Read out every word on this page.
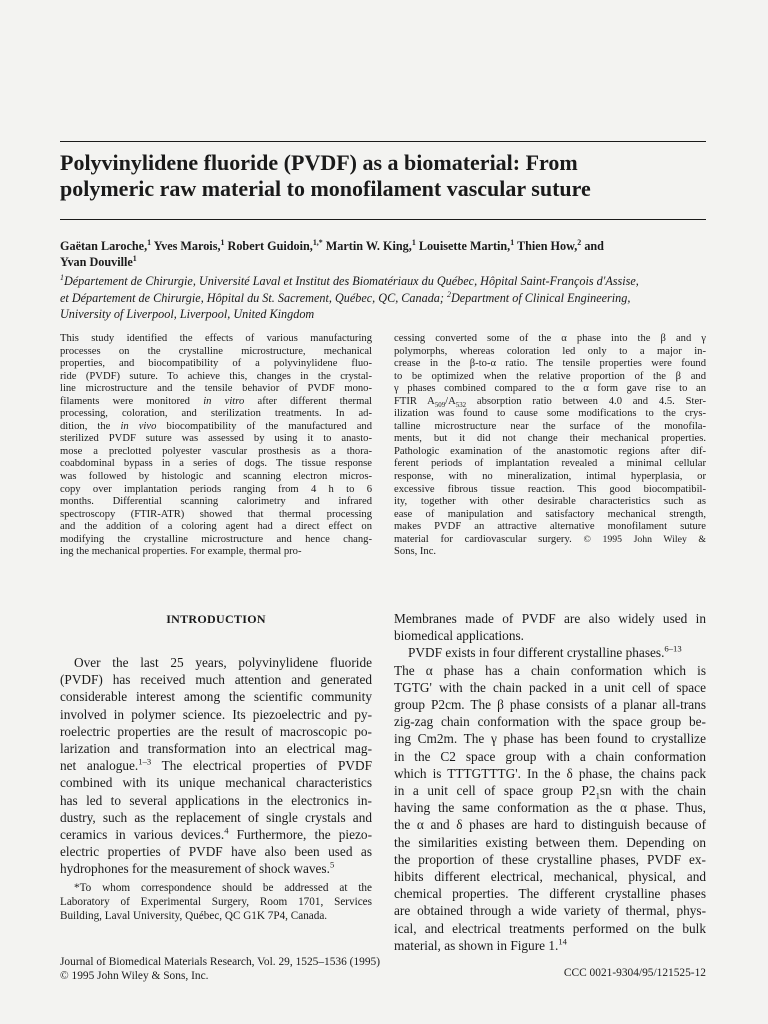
Polyvinylidene fluoride (PVDF) as a biomaterial: From
polymeric raw material to monofilament vascular suture
Gaëtan Laroche,$^1$ Yves Marois,$^1$ Robert Guidoin,$^{1,*}$ Martin W. King,$^1$ Louisette Martin,$^1$ Thien How,$^2$ and
Yvan Douville$^1$
$^1$Département de Chirurgie, Université Laval et Institut des Biomatériaux du Québec, Hôpital Saint-François d'Assise,
et Département de Chirurgie, Hôpital du St. Sacrement, Québec, QC, Canada; $^2$Department of Clinical Engineering,
University of Liverpool, Liverpool, United Kingdom
This study identified the effects of various manufacturing
processes on the crystalline microstructure, mechanical
properties, and biocompatibility of a polyvinylidene fluo-
ride (PVDF) suture. To achieve this, changes in the crystal-
line microstructure and the tensile behavior of PVDF mono-
filaments were monitored in vitro after different thermal
processing, coloration, and sterilization treatments. In ad-
dition, the in vivo biocompatibility of the manufactured and
sterilized PVDF suture was assessed by using it to anasto-
mose a preclotted polyester vascular prosthesis as a thora-
coabdominal bypass in a series of dogs. The tissue response
was followed by histologic and scanning electron micros-
copy over implantation periods ranging from 4 h to 6
months. Differential scanning calorimetry and infrared
spectroscopy (FTIR-ATR) showed that thermal processing
and the addition of a coloring agent had a direct effect on
modifying the crystalline microstructure and hence chang-
ing the mechanical properties. For example, thermal pro-
cessing converted some of the α phase into the β and γ
polymorphs, whereas coloration led only to a major in-
crease in the β-to-α ratio. The tensile properties were found
to be optimized when the relative proportion of the β and
γ phases combined compared to the α form gave rise to an
FTIR $A_{509}/A_{532}$ absorption ratio between 4.0 and 4.5. Ster-
ilization was found to cause some modifications to the crys-
talline microstructure near the surface of the monofila-
ments, but it did not change their mechanical properties.
Pathologic examination of the anastomotic regions after dif-
ferent periods of implantation revealed a minimal cellular
response, with no mineralization, intimal hyperplasia, or
excessive fibrous tissue reaction. This good biocompatibil-
ity, together with other desirable characteristics such as
ease of manipulation and satisfactory mechanical strength,
makes PVDF an attractive alternative monofilament suture
material for cardiovascular surgery. © 1995 John Wiley &
Sons, Inc.
INTRODUCTION
Over the last 25 years, polyvinylidene fluoride
(PVDF) has received much attention and generated
considerable interest among the scientific community
involved in polymer science. Its piezoelectric and py-
roelectric properties are the result of macroscopic po-
larization and transformation into an electrical mag-
net analogue.$^{1-3}$ The electrical properties of PVDF
combined with its unique mechanical characteristics
has led to several applications in the electronics in-
dustry, such as the replacement of single crystals and
ceramics in various devices.$^4$ Furthermore, the piezo-
electric properties of PVDF have also been used as
hydrophones for the measurement of shock waves.$^5$
Membranes made of PVDF are also widely used in
biomedical applications.
PVDF exists in four different crystalline phases.$^{6-13}$
The α phase has a chain conformation which is
TGTG' with the chain packed in a unit cell of space
group P2cm. The β phase consists of a planar all-trans
zig-zag chain conformation with the space group be-
ing Cm2m. The γ phase has been found to crystallize
in the C2 space group with a chain conformation
which is TTTGTTTG'. In the δ phase, the chains pack
in a unit cell of space group $P2_1sn$ with the chain
having the same conformation as the α phase. Thus,
the α and δ phases are hard to distinguish because of
the similarities existing between them. Depending on
the proportion of these crystalline phases, PVDF ex-
hibits different electrical, mechanical, physical, and
chemical properties. The different crystalline phases
are obtained through a wide variety of thermal, phys-
ical, and electrical treatments performed on the bulk
material, as shown in Figure 1.14
*To whom correspondence should be addressed at the
Laboratory of Experimental Surgery, Room 1701, Services
Building, Laval University, Québec, QC G1K 7P4, Canada.
Journal of Biomedical Materials Research, Vol. 29, 1525–1536 (1995)
© 1995 John Wiley & Sons, Inc.	CCC 0021-9304/95/121525-12
